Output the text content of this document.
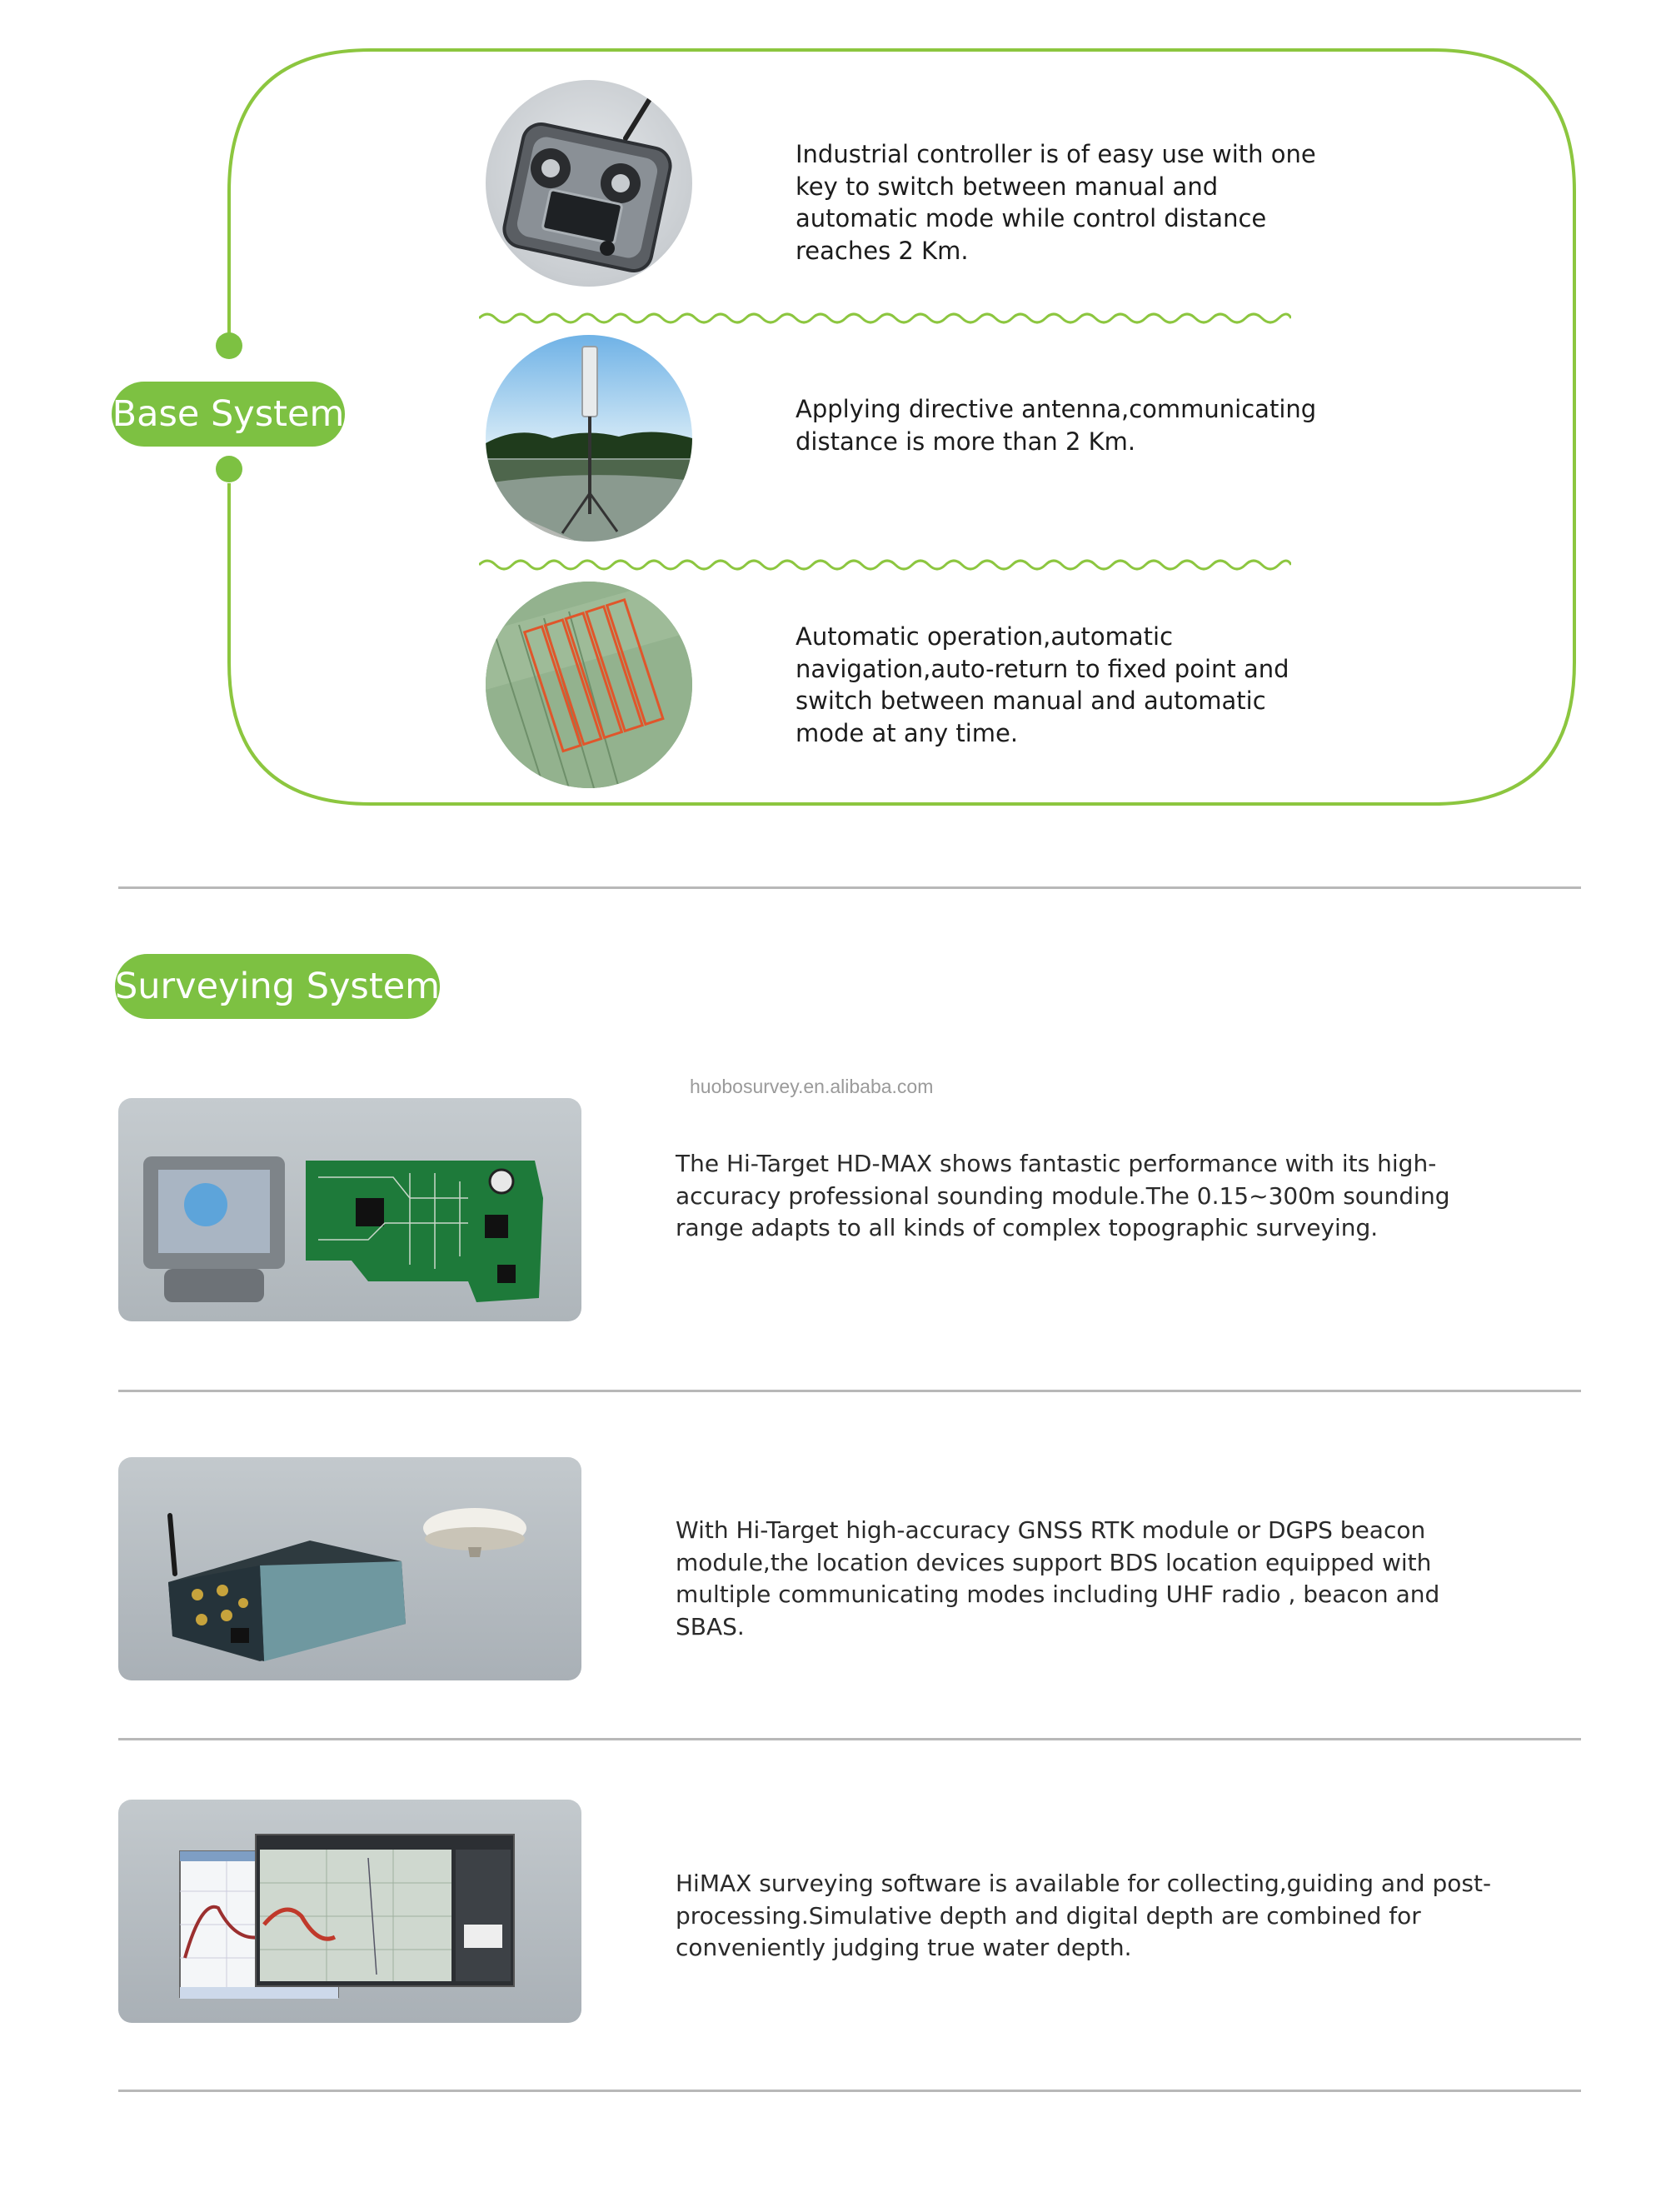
Base System
Industrial controller is of easy use with one key to switch between manual and automatic mode while control distance reaches 2 Km.
Applying directive antenna,communicating distance is more than 2 Km.
Automatic operation,automatic navigation,auto-return to fixed point and switch between manual and automatic mode at any time.
Surveying System
huobosurvey.en.alibaba.com
The Hi-Target HD-MAX shows fantastic performance with its high-accuracy professional sounding module.The 0.15~300m sounding range adapts to all kinds of complex topographic surveying.
With Hi-Target high-accuracy GNSS RTK module or DGPS beacon module,the location devices support BDS location equipped with multiple communicating modes including UHF radio , beacon and SBAS.
HiMAX surveying software is available for collecting,guiding and post-processing.Simulative depth and digital depth are combined for conveniently judging true water depth.
